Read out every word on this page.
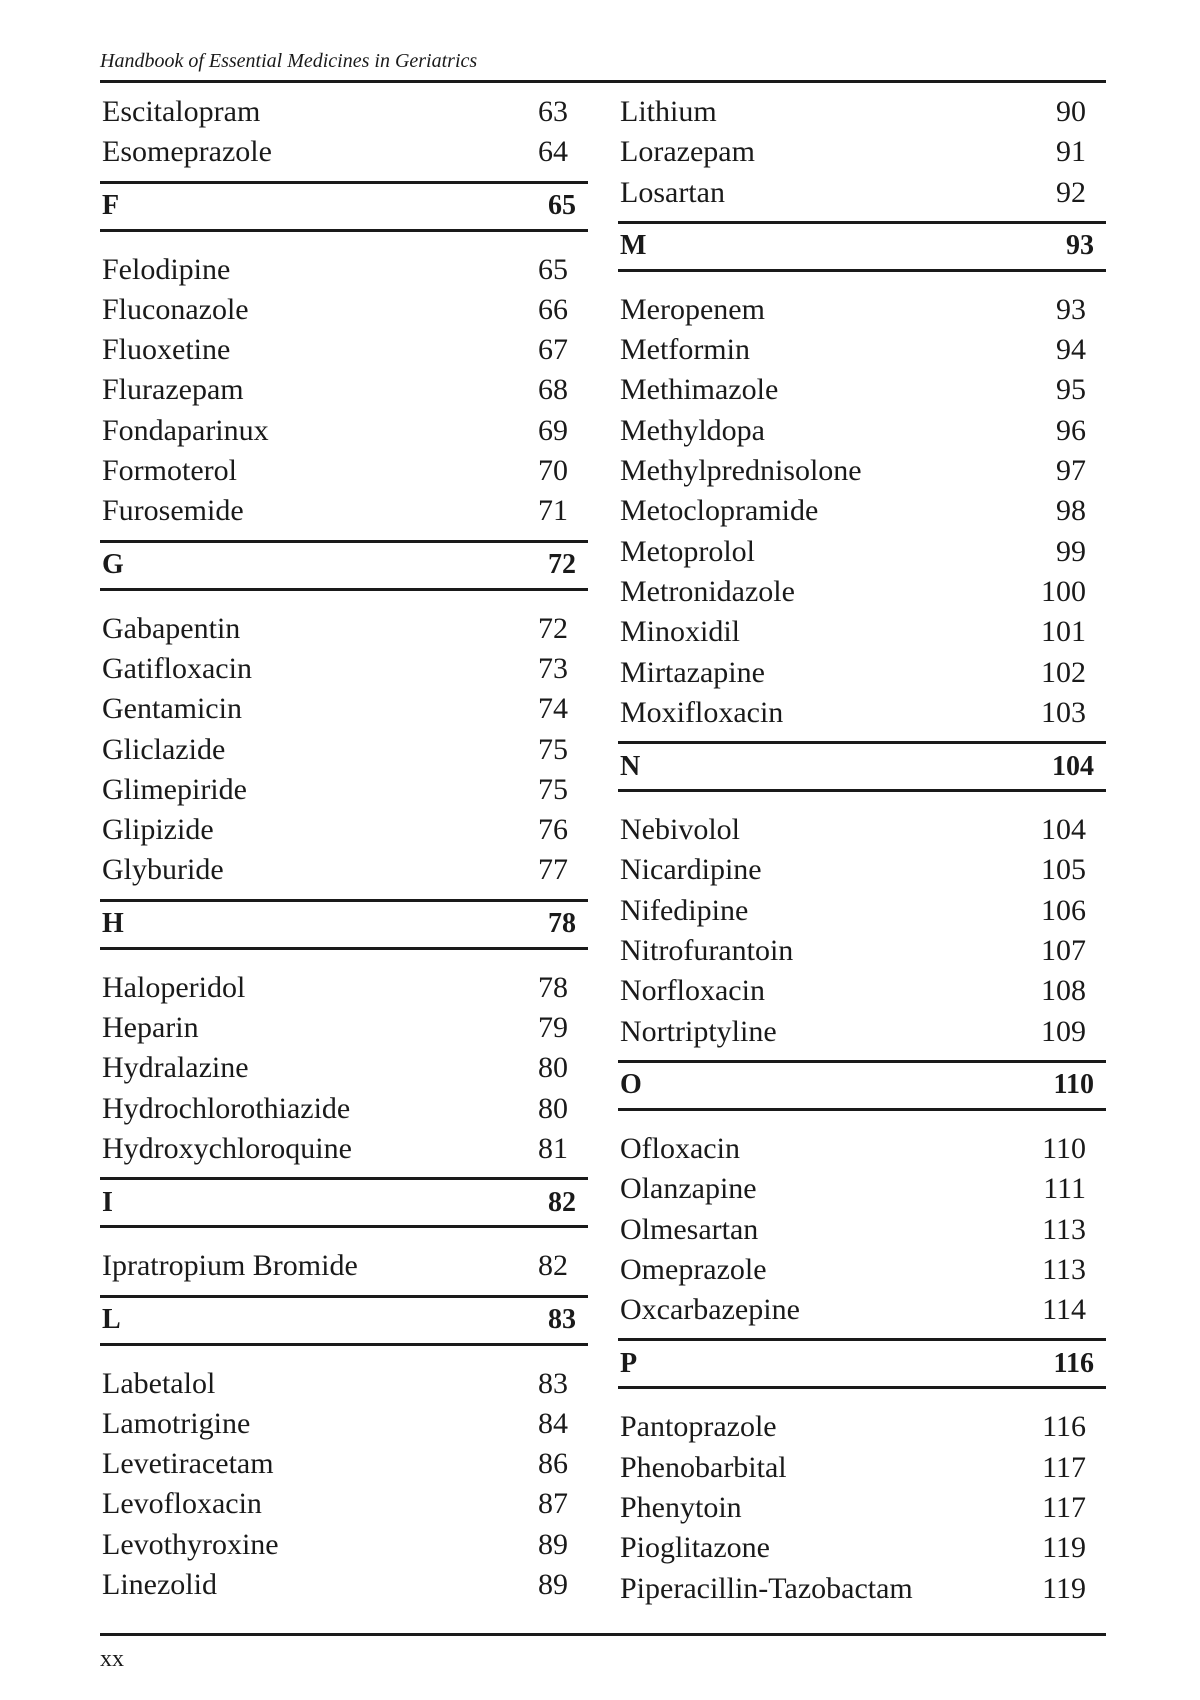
Handbook of Essential Medicines in Geriatrics
Escitalopram	63
Esomeprazole	64
F	65
Felodipine	65
Fluconazole	66
Fluoxetine	67
Flurazepam	68
Fondaparinux	69
Formoterol	70
Furosemide	71
G	72
Gabapentin	72
Gatifloxacin	73
Gentamicin	74
Gliclazide	75
Glimepiride	75
Glipizide	76
Glyburide	77
H	78
Haloperidol	78
Heparin	79
Hydralazine	80
Hydrochlorothiazide	80
Hydroxychloroquine	81
I	82
Ipratropium Bromide	82
L	83
Labetalol	83
Lamotrigine	84
Levetiracetam	86
Levofloxacin	87
Levothyroxine	89
Linezolid	89
Lithium	90
Lorazepam	91
Losartan	92
M	93
Meropenem	93
Metformin	94
Methimazole	95
Methyldopa	96
Methylprednisolone	97
Metoclopramide	98
Metoprolol	99
Metronidazole	100
Minoxidil	101
Mirtazapine	102
Moxifloxacin	103
N	104
Nebivolol	104
Nicardipine	105
Nifedipine	106
Nitrofurantoin	107
Norfloxacin	108
Nortriptyline	109
O	110
Ofloxacin	110
Olanzapine	111
Olmesartan	113
Omeprazole	113
Oxcarbazepine	114
P	116
Pantoprazole	116
Phenobarbital	117
Phenytoin	117
Pioglitazone	119
Piperacillin-Tazobactam	119
xx
